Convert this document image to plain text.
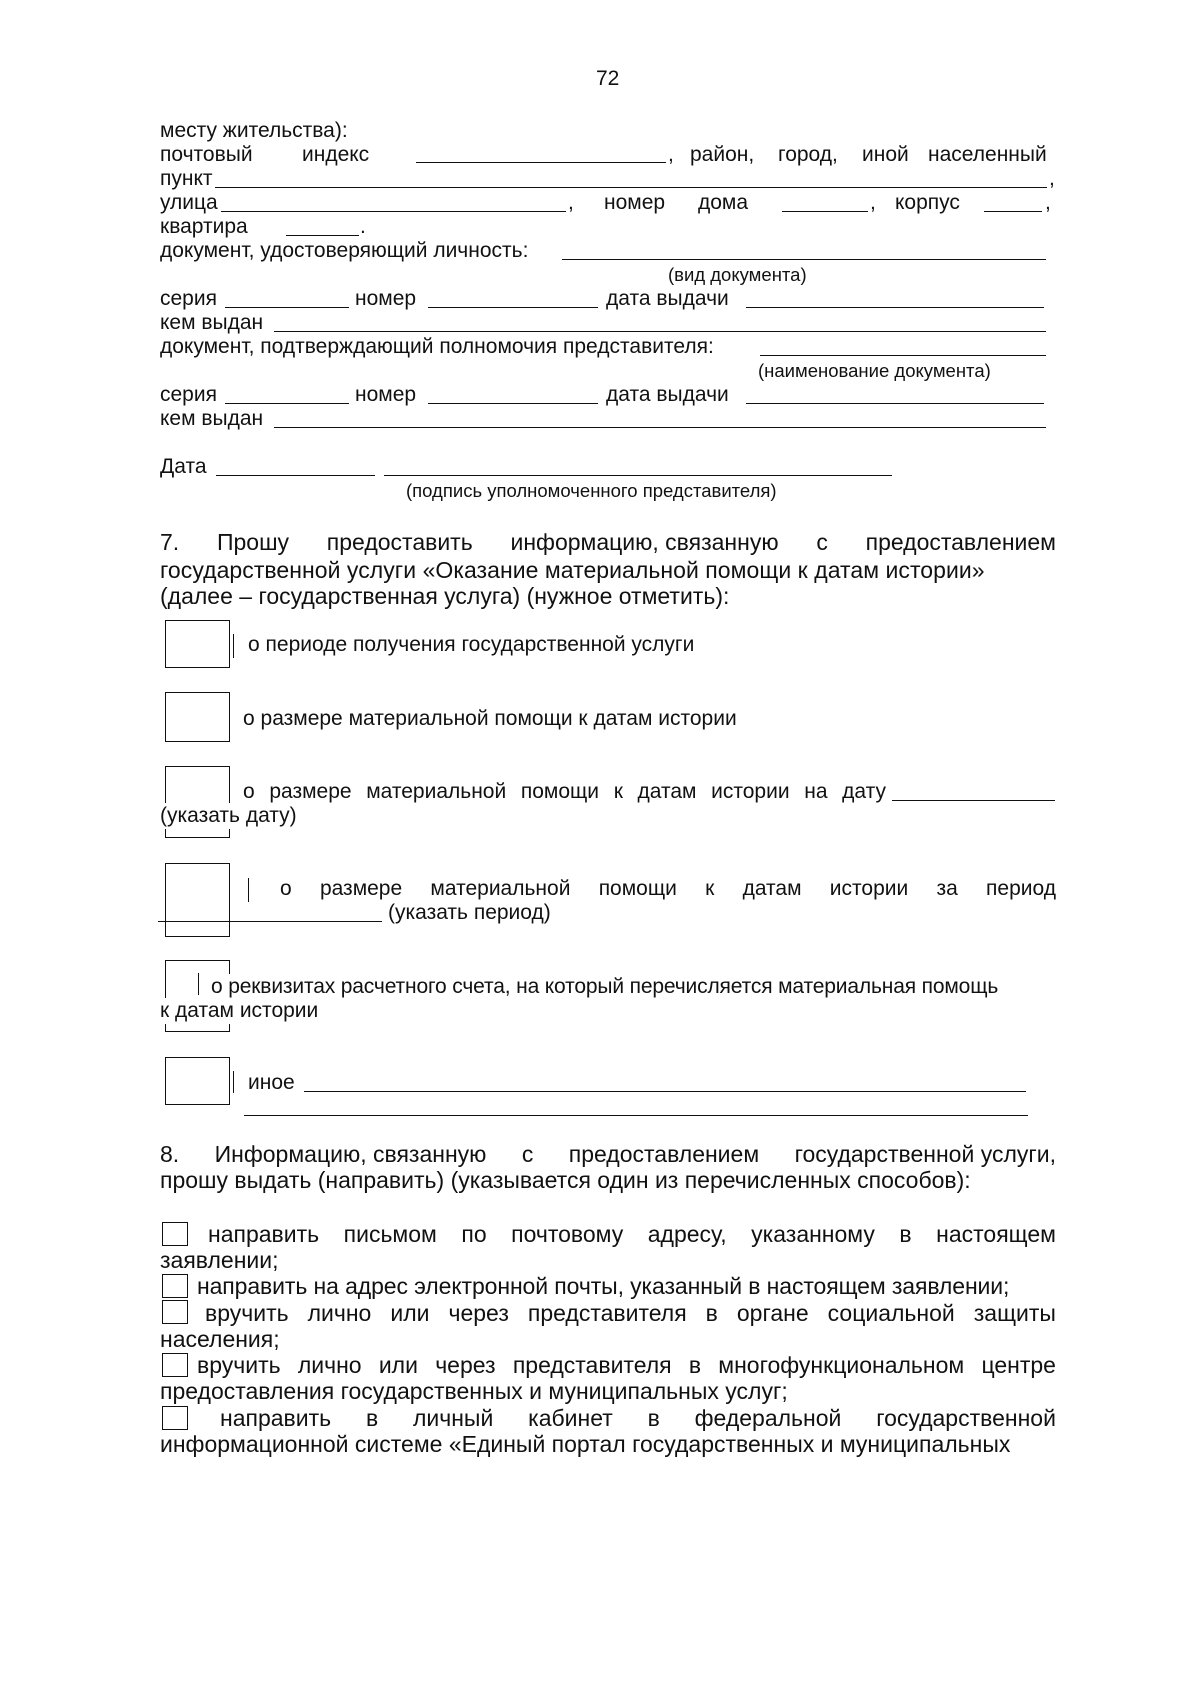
72
месту жительства):
почтовый индекс	, район, город, иной населенный
пункт	,
улица	, номер дома	, корпус	,
квартира	.
документ, удостоверяющий личность:
(вид документа)
серия	номер	дата выдачи
кем выдан
документ, подтверждающий полномочия представителя:
(наименование документа)
серия	номер	дата выдачи
кем выдан
Дата
(подпись уполномоченного представителя)
7. Прошу предоставить информацию, связанную с предоставлением
государственной услуги «Оказание материальной помощи к датам истории»
(далее – государственная услуга) (нужное отметить):
о периоде получения государственной услуги
о размере материальной помощи к датам истории
о размере материальной помощи к датам истории на дату
(указать дату)
о размере материальной помощи к датам истории за период
(указать период)
о реквизитах расчетного счета, на который перечисляется материальная помощь
к датам истории
иное
8. Информацию, связанную с предоставлением государственной услуги,
прошу выдать (направить) (указывается один из перечисленных способов):
направить письмом по почтовому адресу, указанному в настоящем
заявлении;
направить на адрес электронной почты, указанный в настоящем заявлении;
вручить лично или через представителя в органе социальной защиты
населения;
вручить лично или через представителя в многофункциональном центре
предоставления государственных и муниципальных услуг;
направить в личный кабинет в федеральной государственной
информационной системе «Единый портал государственных и муниципальных
